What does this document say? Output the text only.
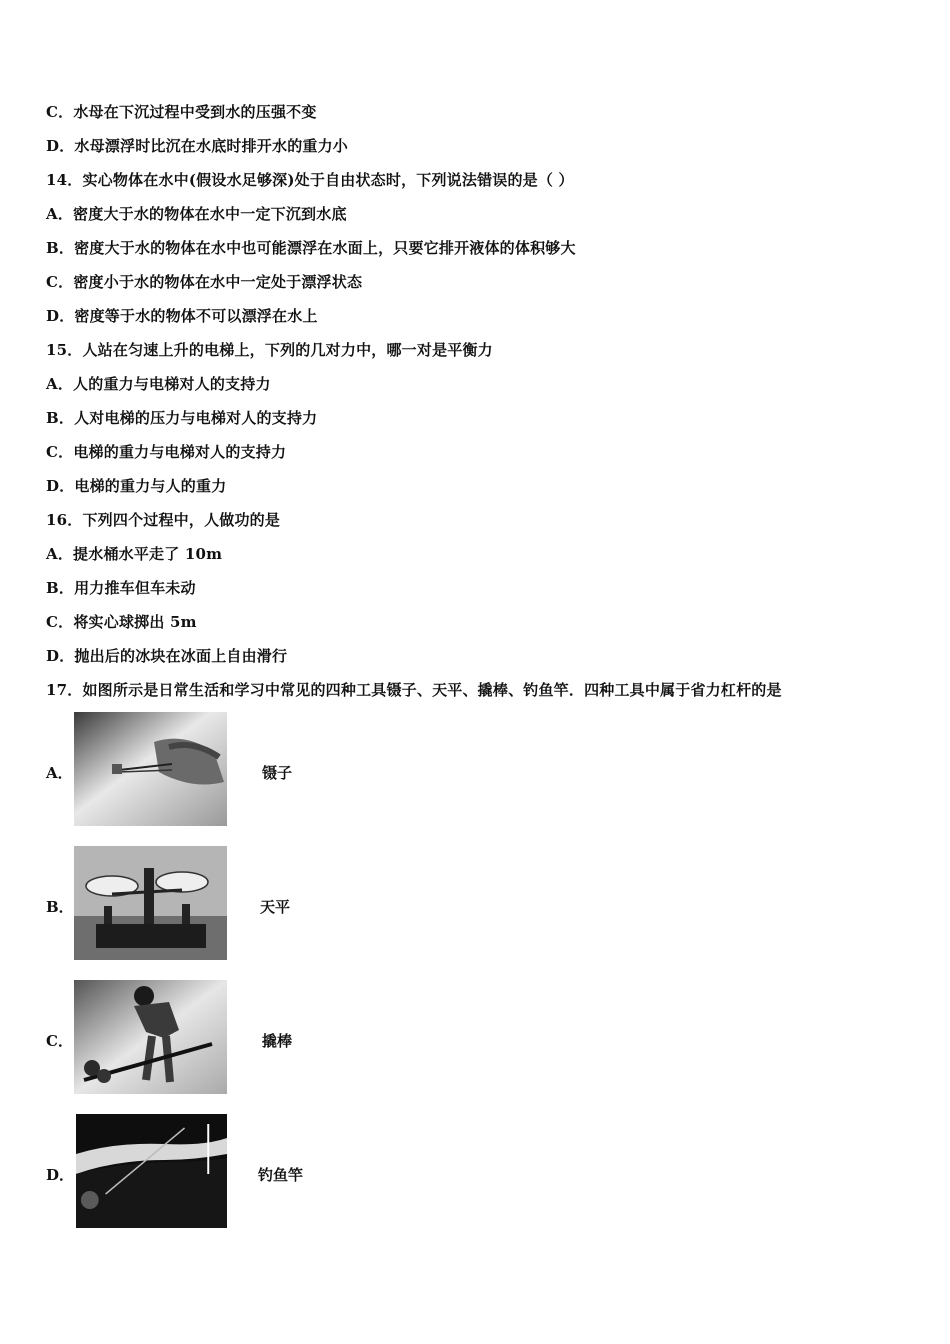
C．水母在下沉过程中受到水的压强不变
D．水母漂浮时比沉在水底时排开水的重力小
14．实心物体在水中(假设水足够深)处于自由状态时，下列说法错误的是（ ）
A．密度大于水的物体在水中一定下沉到水底
B．密度大于水的物体在水中也可能漂浮在水面上，只要它排开液体的体积够大
C．密度小于水的物体在水中一定处于漂浮状态
D．密度等于水的物体不可以漂浮在水上
15．人站在匀速上升的电梯上，下列的几对力中，哪一对是平衡力
A．人的重力与电梯对人的支持力
B．人对电梯的压力与电梯对人的支持力
C．电梯的重力与电梯对人的支持力
D．电梯的重力与人的重力
16．下列四个过程中，人做功的是
A．提水桶水平走了 10m
B．用力推车但车未动
C．将实心球掷出 5m
D．抛出后的冰块在冰面上自由滑行
17．如图所示是日常生活和学习中常见的四种工具镊子、天平、撬棒、钓鱼竿．四种工具中属于省力杠杆的是
A．	镊子
B．	天平
C．	撬棒
D．	钓鱼竿
